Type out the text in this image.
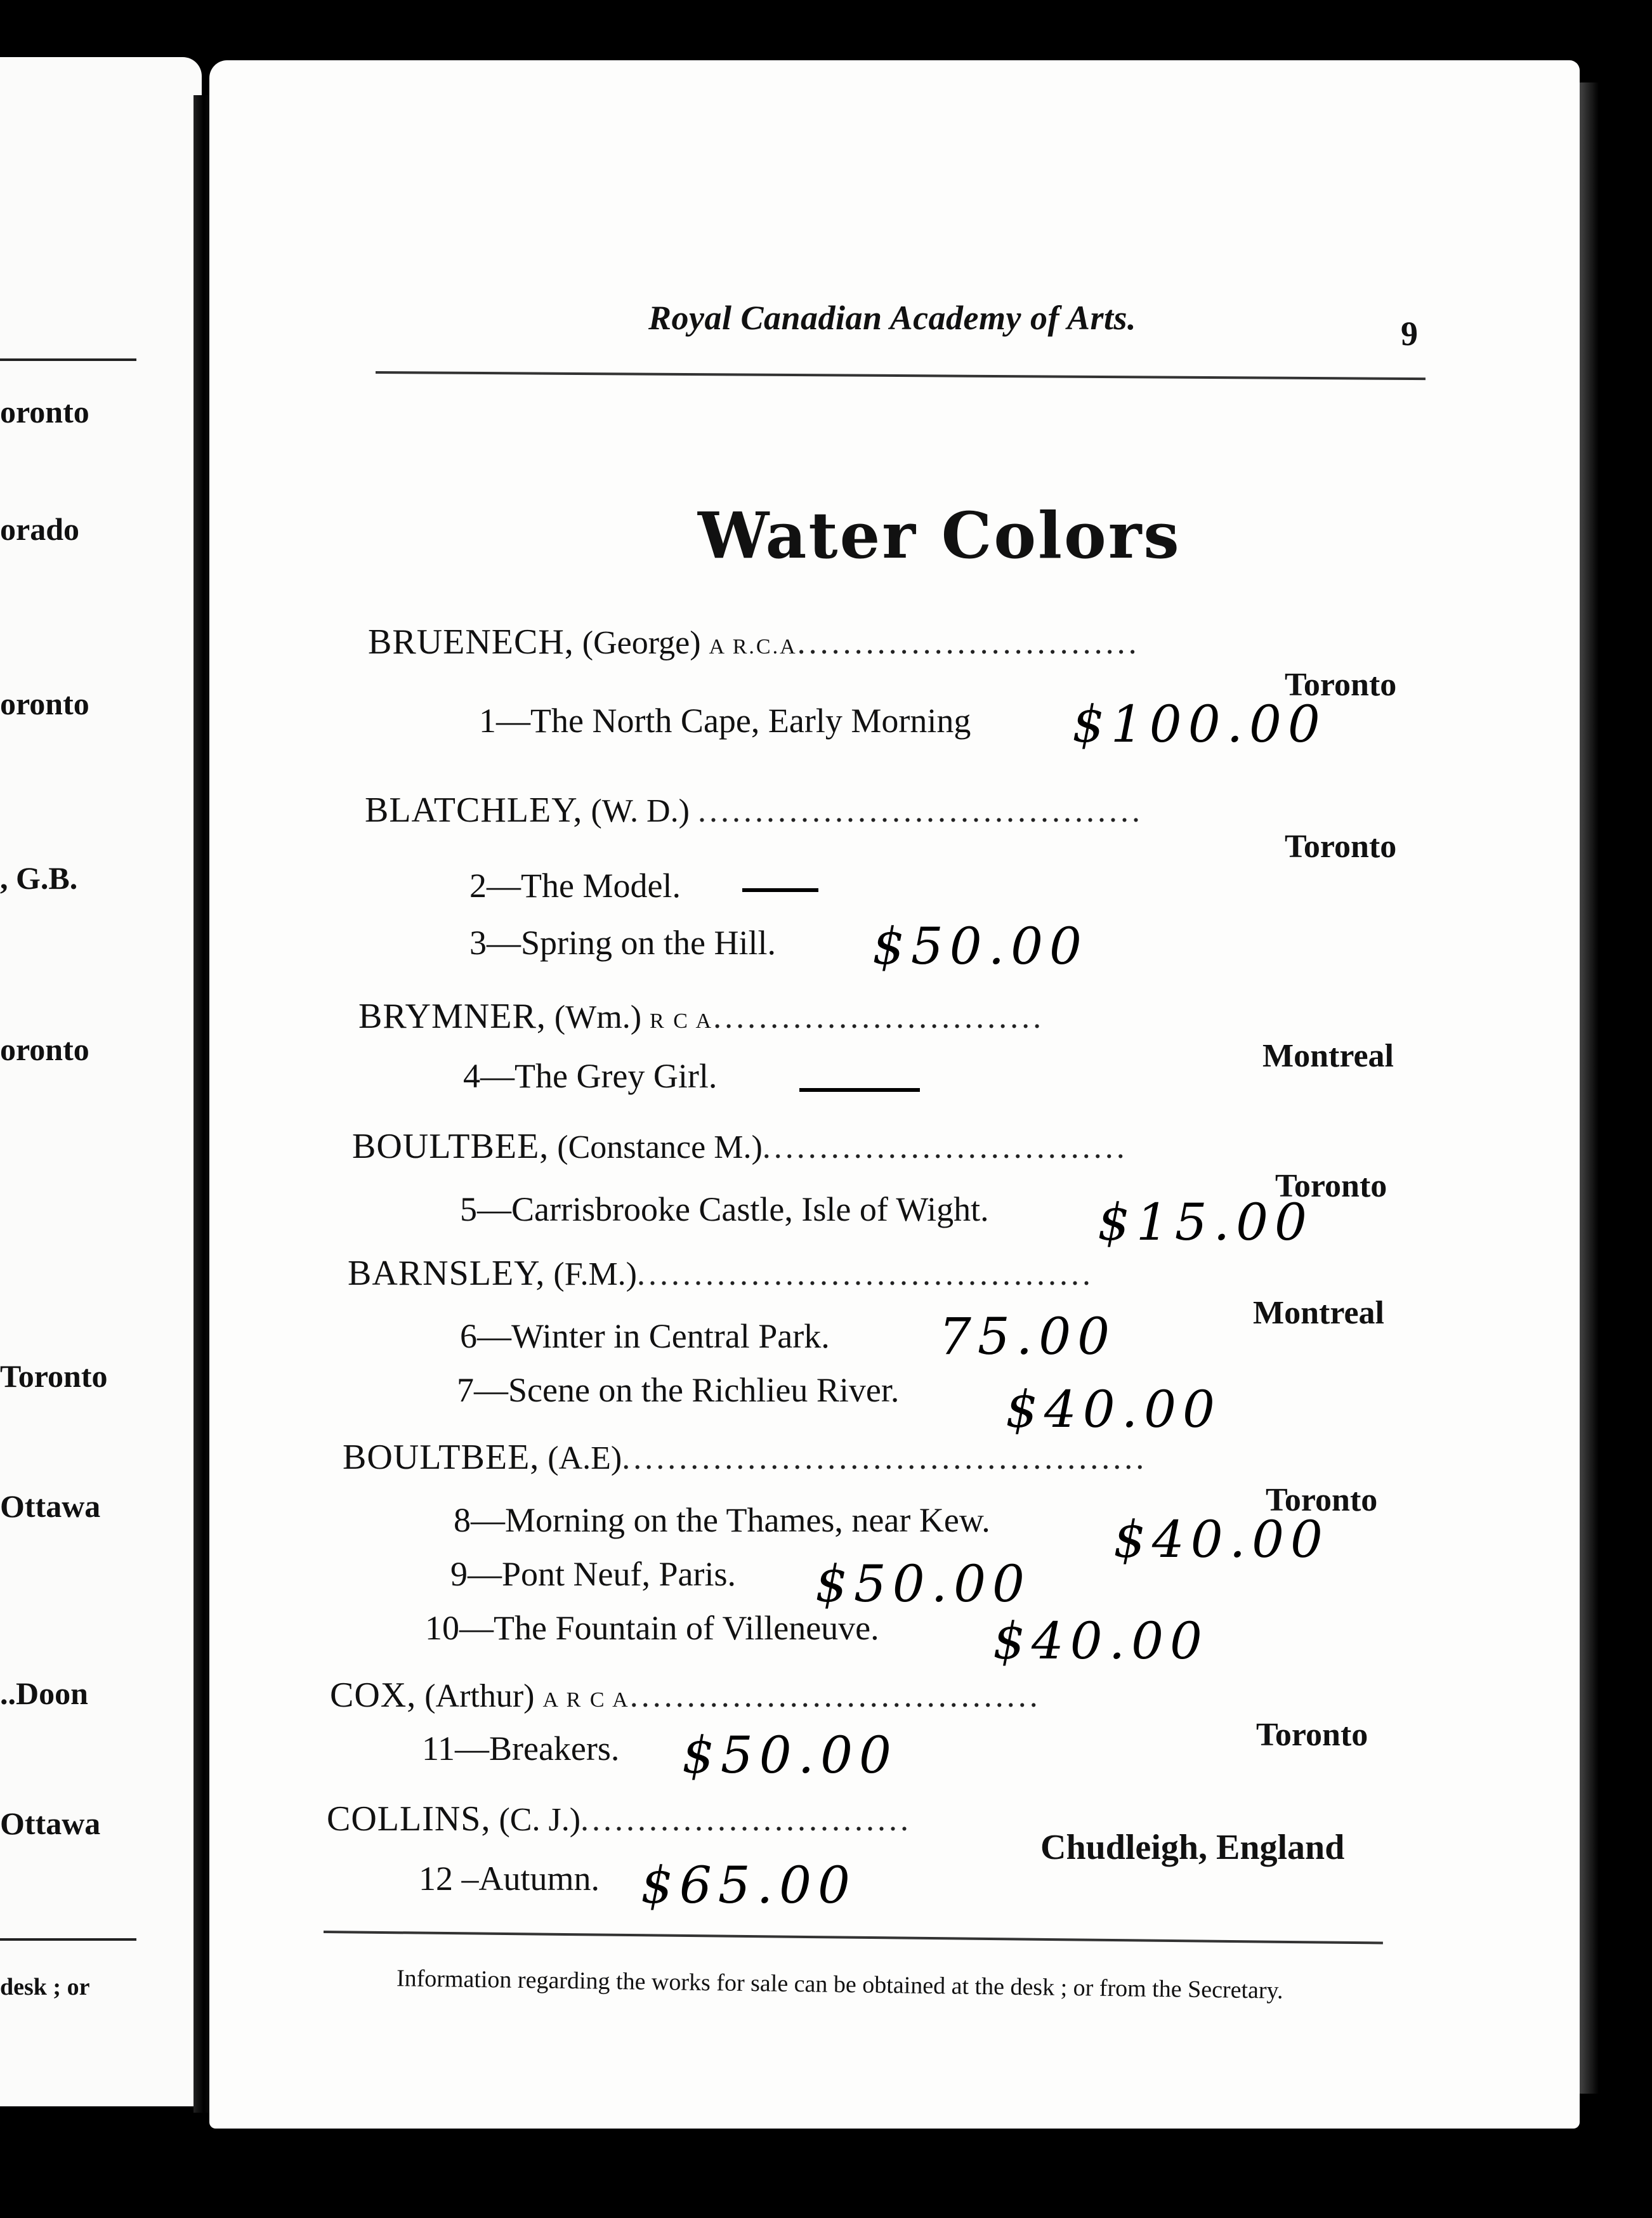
oronto
orado
oronto
, G.B.
oronto
Toronto
Ottawa
..Doon
Ottawa
desk ; or
Royal Canadian Academy of Arts.	9
Water Colors
BRUENECH, (George) A R.C.A..............................
Toronto
1—The North Cape, Early Morning $100.00
BLATCHLEY, (W. D.) .......................................
Toronto
2—The Model.
3—Spring on the Hill. $50.00
BRYMNER, (Wm.) R C A.............................
Montreal
4—The Grey Girl.
BOULTBEE, (Constance M.)................................
Toronto
5—Carrisbrooke Castle, Isle of Wight. $15.00
BARNSLEY, (F.M.)........................................
Montreal
6—Winter in Central Park. 75.00
7—Scene on the Richlieu River. $40.00
BOULTBEE, (A.E)..............................................
Toronto
8—Morning on the Thames, near Kew. $40.00
9—Pont Neuf, Paris. $50.00
10—The Fountain of Villeneuve. $40.00
COX, (Arthur) A R C A....................................
Toronto
11—Breakers. $50.00
COLLINS, (C. J.).............................
Chudleigh, England
12 –Autumn. $65.00
Information regarding the works for sale can be obtained at the desk ; or from the Secretary.
